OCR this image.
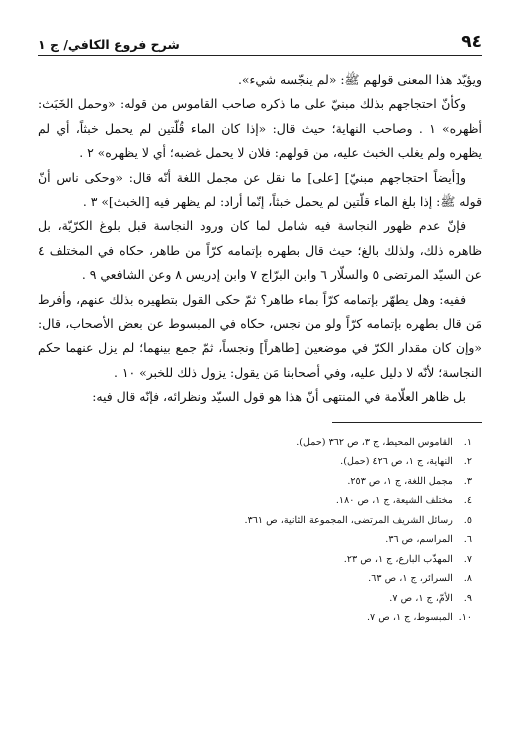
٩٤
شرح فروع الكافي/ ج ١

ويؤيّد هذا المعنى قولهم ﷺ: «لم ينجّسه شيء».

وكأنّ احتجاجهم بذلك مبنيّ على ما ذكره صاحب القاموس من قوله: «وحمل الخَبَث: أظهره» ١ . وصاحب النهاية؛ حيث قال: «إذا كان الماء قُلّتين لم يحمل خبثاً، أي لم يظهره ولم يغلب الخبث عليه، من قولهم: فلان لا يحمل غضبه؛ أي لا يظهره» ٢ .

و[أيضاً احتجاجهم مبنيّ] [على] ما نقل عن مجمل اللغة أنّه قال: «وحكى ناس أنّ قوله ﷺ: إذا بلغ الماء قلّتين لم يحمل خبثاً، إنّما أراد: لم يظهر فيه [الخبث]» ٣ .

فإنّ عدم ظهور النجاسة فيه شامل لما كان ورود النجاسة قبل بلوغ الكرّيّة، بل ظاهره ذلك، ولذلك بالغ؛ حيث قال بطهره بإتمامه كرّاً من طاهر، حكاه في المختلف ٤ عن السيّد المرتضى ٥ والسلّار ٦ وابن البرّاج ٧ وابن إدريس ٨ وعن الشافعي ٩ .

ففيه: وهل يطهّر بإتمامه كرّاً بماء طاهر؟ ثمّ حكى القول بتطهيره بذلك عنهم، وأفرط مَن قال بطهره بإتمامه كرّاً ولو من نجس، حكاه في المبسوط عن بعض الأصحاب، قال: «وإن كان مقدار الكرّ في موضعين [طاهراً] ونجساً، ثمّ جمع بينهما؛ لم يزل عنهما حكم النجاسة؛ لأنّه لا دليل عليه، وفي أصحابنا مَن يقول: يزول ذلك للخبر» ١٠ .

بل ظاهر العلّامة في المنتهى أنّ هذا هو قول السيّد ونظرائه، فإنّه قال فيه:

١. القاموس المحيط، ج ٣، ص ٣٦٢ (حمل).
٢. النهاية، ج ١، ص ٤٢٦ (حمل).
٣. مجمل اللغة، ج ١، ص ٢٥٣.
٤. مختلف الشيعة، ج ١، ص ١٨٠.
٥. رسائل الشريف المرتضى، المجموعة الثانية، ص ٣٦١.
٦. المراسم، ص ٣٦.
٧. المهذّب البارع، ج ١، ص ٢٣.
٨. السرائر، ج ١، ص ٦٣.
٩. الأمّ، ج ١، ص ٧.
١٠. المبسوط، ج ١، ص ٧.
